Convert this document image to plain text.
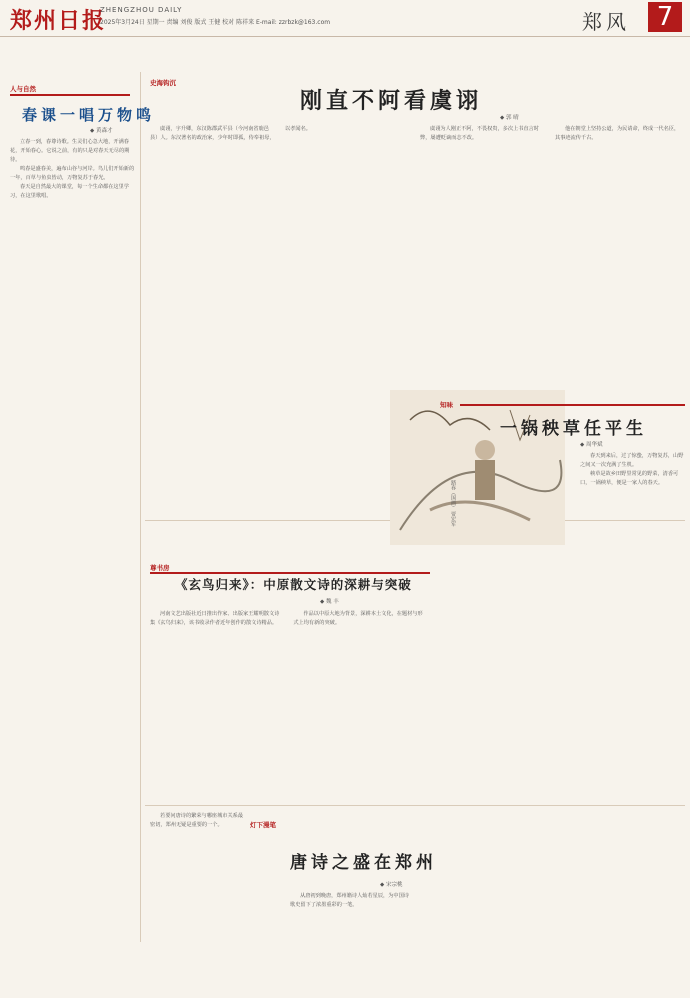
郑州日报
ZHENGZHOU DAILY
2025年3月24日 星期一 责编 刘俊 版式 王健 校对 陈祥来 E-mail: zzrbzk@163.com	郑风	7
人与自然
春课一唱万物鸣
◆ 黄森才

立春一到，春尊诗歌。生灵们心急大地，开满春花，开始春心。它说之前，有的只是对春天无尽的期待。

鸣春是盛春美，遍布山谷与河岸。鸟儿们开始新的一年，百草与鱼虫皆动，万物复苏于春光。

春天是自然最大的课堂，每一个生命都在这里学习，在这里歌唱。

史海钩沉
刚直不阿看虞诩
◆ 郭 晴

虞诩，字升卿，东汉陈郡武平县（今河南省鹿邑县）人。东汉著名的政治家，少年时即孤，侍奉祖母，以孝闻名。	虞诩为人刚正不阿，不畏权贵，多次上书直言时弊，屡遭贬谪而志不改。

他在朝堂上坚持公道，为民请命，终成一代名臣，其事迹流传千古。

踏春（国画） 贾宏军
知味
一锅秧草任平生
◆ 周华斌

春天到来后，过了惊蛰，万物复苏，山野之间又一次充满了生机。

秧草是故乡田野里常见的野菜，清香可口，一锅秧草，便是一家人的春天。

尊书房
《玄鸟归来》：中原散文诗的深耕与突破
◆ 魏 丰

河南文艺出版社近日推出作家、出版家王耀明散文诗集《玄鸟归来》，该书收录作者近年创作的散文诗精品。

作品以中原大地为背景，深耕本土文化，在题材与形式上均有新的突破。

灯下漫笔
唐诗之盛在郑州
◆ 宋宗桃

若要问唐诗的繁荣与哪座城市关系最密切，郑州无疑是重要的一个。

从唐初到晚唐，郑州籍诗人灿若星辰，为中国诗歌史留下了浓墨重彩的一笔。
